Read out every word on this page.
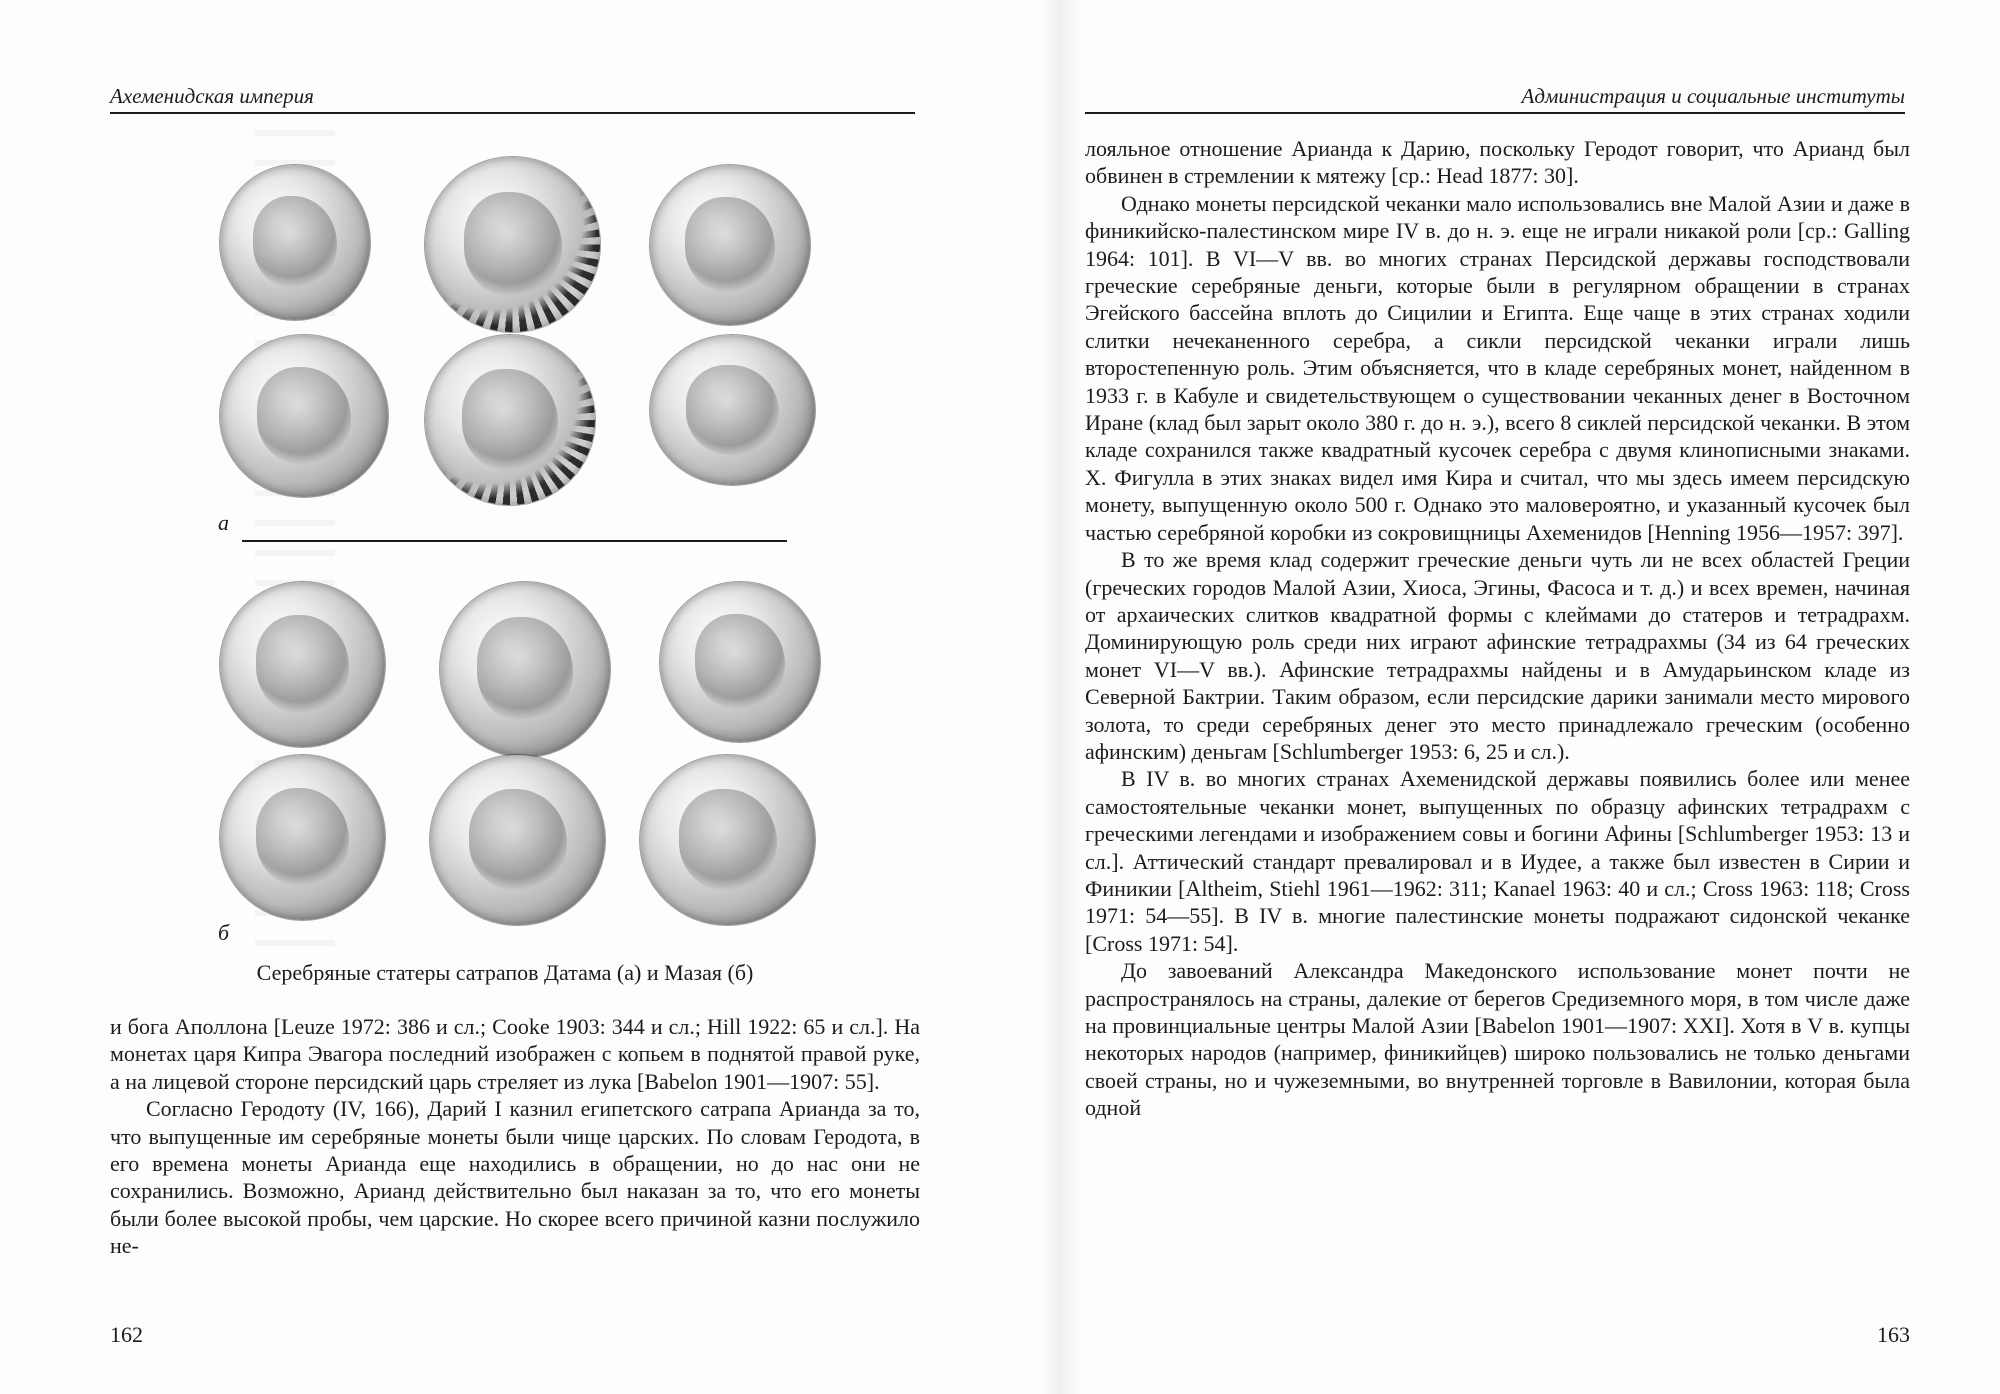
Ахеменидская империя
а
б
Серебряные статеры сатрапов Датама (а) и Мазая (б)

и бога Аполлона [Leuze 1972: 386 и сл.; Cooke 1903: 344 и сл.; Hill 1922: 65 и сл.]. На монетах царя Кипра Эвагора последний изображен с копьем в поднятой правой руке, а на лицевой стороне персидский царь стреляет из лука [Babelon 1901—1907: 55].

Согласно Геродоту (IV, 166), Дарий I казнил египетского сатрапа Арианда за то, что выпущенные им серебряные монеты были чище царских. По словам Геродота, в его времена монеты Арианда еще находились в обращении, но до нас они не сохранились. Возможно, Арианд действительно был наказан за то, что его монеты были более высокой пробы, чем царские. Но скорее всего причиной казни послужило не-

162
Администрация и социальные институты

лояльное отношение Арианда к Дарию, поскольку Геродот говорит, что Арианд был обвинен в стремлении к мятежу [ср.: Head 1877: 30].

Однако монеты персидской чеканки мало использовались вне Малой Азии и даже в финикийско-палестинском мире IV в. до н. э. еще не играли никакой роли [ср.: Galling 1964: 101]. В VI—V вв. во многих странах Персидской державы господствовали греческие серебряные деньги, которые были в регулярном обращении в странах Эгейского бассейна вплоть до Сицилии и Египта. Еще чаще в этих странах ходили слитки нечеканенного серебра, а сикли персидской чеканки играли лишь второстепенную роль. Этим объясняется, что в кладе серебряных монет, найденном в 1933 г. в Кабуле и свидетельствующем о существовании чеканных денег в Восточном Иране (клад был зарыт около 380 г. до н. э.), всего 8 сиклей персидской чеканки. В этом кладе сохранился также квадратный кусочек серебра с двумя клинописными знаками. Х. Фигулла в этих знаках видел имя Кира и считал, что мы здесь имеем персидскую монету, выпущенную около 500 г. Однако это маловероятно, и указанный кусочек был частью серебряной коробки из сокровищницы Ахеменидов [Henning 1956—1957: 397].

В то же время клад содержит греческие деньги чуть ли не всех областей Греции (греческих городов Малой Азии, Хиоса, Эгины, Фасоса и т. д.) и всех времен, начиная от архаических слитков квадратной формы с клеймами до статеров и тетрадрахм. Доминирующую роль среди них играют афинские тетрадрахмы (34 из 64 греческих монет VI—V вв.). Афинские тетрадрахмы найдены и в Амударьинском кладе из Северной Бактрии. Таким образом, если персидские дарики занимали место мирового золота, то среди серебряных денег это место принадлежало греческим (особенно афинским) деньгам [Schlumberger 1953: 6, 25 и сл.).

В IV в. во многих странах Ахеменидской державы появились более или менее самостоятельные чеканки монет, выпущенных по образцу афинских тетрадрахм с греческими легендами и изображением совы и богини Афины [Schlumberger 1953: 13 и сл.]. Аттический стандарт превалировал и в Иудее, а также был известен в Сирии и Финикии [Altheim, Stiehl 1961—1962: 311; Kanael 1963: 40 и сл.; Cross 1963: 118; Cross 1971: 54—55]. В IV в. многие палестинские монеты подражают сидонской чеканке [Cross 1971: 54].

До завоеваний Александра Македонского использование монет почти не распространялось на страны, далекие от берегов Средиземного моря, в том числе даже на провинциальные центры Малой Азии [Babelon 1901—1907: XXI]. Хотя в V в. купцы некоторых народов (например, финикийцев) широко пользовались не только деньгами своей страны, но и чужеземными, во внутренней торговле в Вавилонии, которая была одной

163
